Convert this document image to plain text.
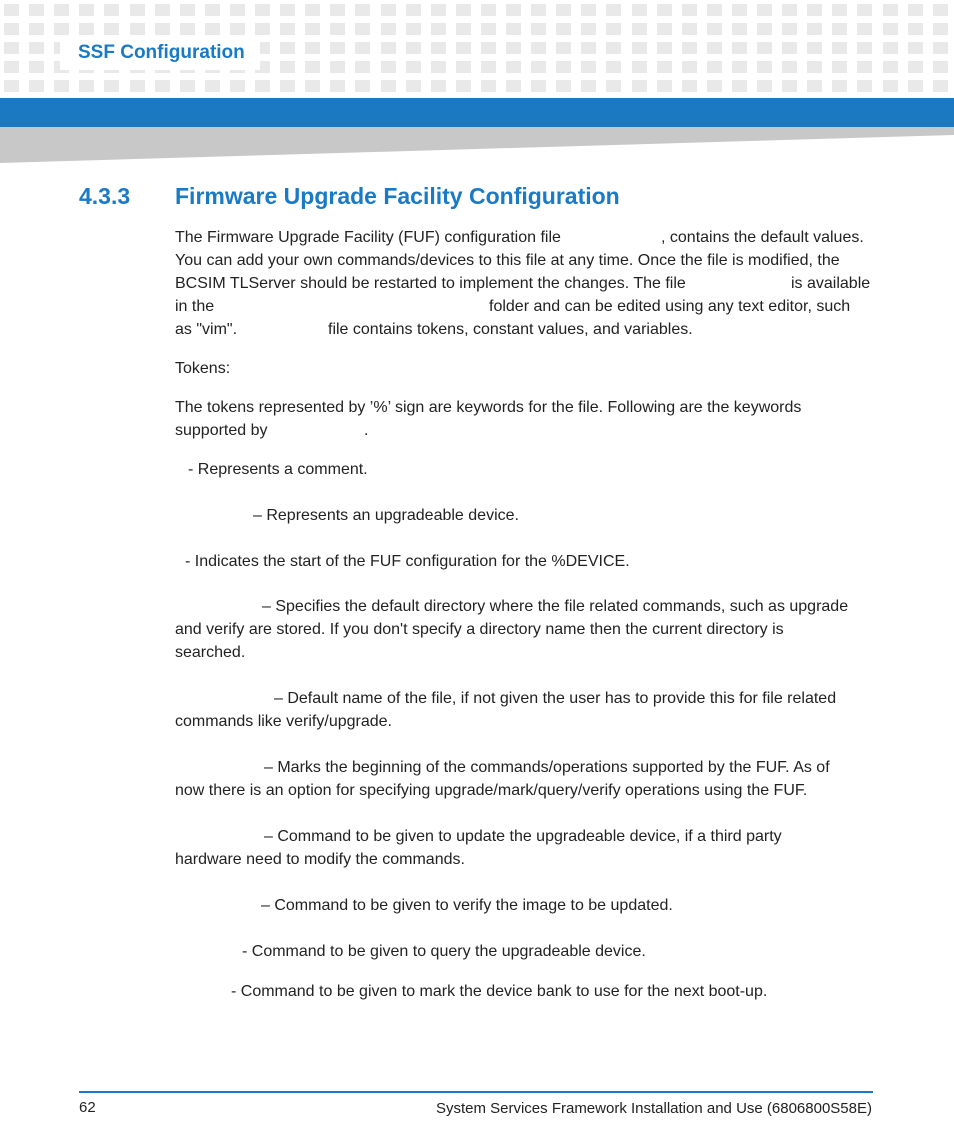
SSF Configuration
4.3.3 Firmware Upgrade Facility Configuration
The Firmware Upgrade Facility (FUF) configuration file	, contains the default values.
You can add your own commands/devices to this file at any time. Once the file is modified, the
BCSIM TLServer should be restarted to implement the changes. The file	is available
in the	folder and can be edited using any text editor, such
as "vim".	file contains tokens, constant values, and variables.
Tokens:
The tokens represented by ’%’ sign are keywords for the file. Following are the keywords
supported by	.
- Represents a comment.
– Represents an upgradeable device.
- Indicates the start of the FUF configuration for the %DEVICE.
– Specifies the default directory where the file related commands, such as upgrade
and verify are stored. If you don't specify a directory name then the current directory is
searched.
– Default name of the file, if not given the user has to provide this for file related
commands like verify/upgrade.
– Marks the beginning of the commands/operations supported by the FUF. As of
now there is an option for specifying upgrade/mark/query/verify operations using the FUF.
– Command to be given to update the upgradeable device, if a third party
hardware need to modify the commands.
– Command to be given to verify the image to be updated.
- Command to be given to query the upgradeable device.
- Command to be given to mark the device bank to use for the next boot-up.
62	System Services Framework Installation and Use (6806800S58E)
